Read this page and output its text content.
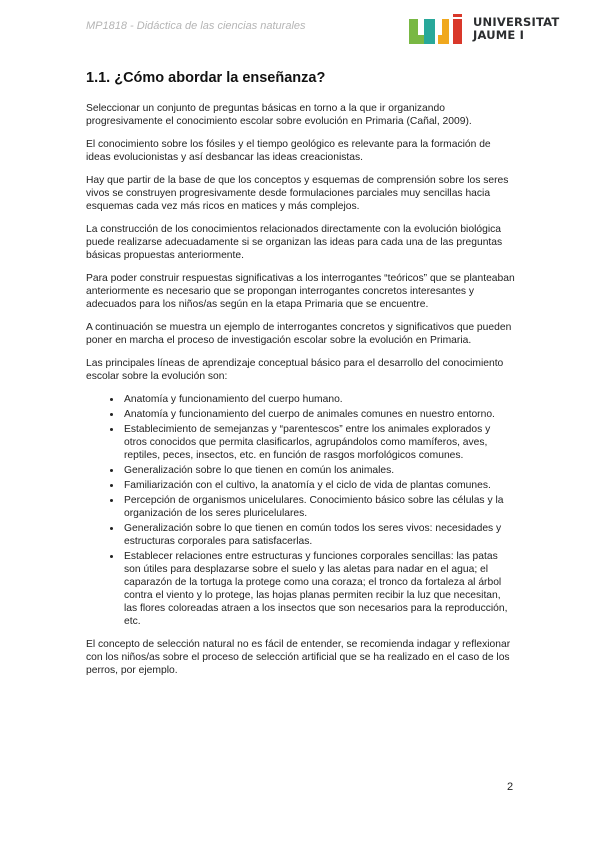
MP1818 - Didáctica de las ciencias naturales	UNIVERSITAT
JAUME I
1.1. ¿Cómo abordar la enseñanza?

Seleccionar un conjunto de preguntas básicas en torno a la que ir organizando progresivamente el conocimiento escolar sobre evolución en Primaria (Cañal, 2009).

El conocimiento sobre los fósiles y el tiempo geológico es relevante para la formación de ideas evolucionistas y así desbancar las ideas creacionistas.

Hay que partir de la base de que los conceptos y esquemas de comprensión sobre los seres vivos se construyen progresivamente desde formulaciones parciales muy sencillas hacia esquemas cada vez más ricos en matices y más complejos.

La construcción de los conocimientos relacionados directamente con la evolución biológica puede realizarse adecuadamente si se organizan las ideas para cada una de las preguntas básicas propuestas anteriormente.

Para poder construir respuestas significativas a los interrogantes “teóricos” que se planteaban anteriormente es necesario que se propongan interrogantes concretos interesantes y adecuados para los niños/as según en la etapa Primaria que se encuentre.

A continuación se muestra un ejemplo de interrogantes concretos y significativos que pueden poner en marcha el proceso de investigación escolar sobre la evolución en Primaria.

Las principales líneas de aprendizaje conceptual básico para el desarrollo del conocimiento escolar sobre la evolución son:

• Anatomía y funcionamiento del cuerpo humano.
• Anatomía y funcionamiento del cuerpo de animales comunes en nuestro entorno.
• Establecimiento de semejanzas y “parentescos” entre los animales explorados y otros conocidos que permita clasificarlos, agrupándolos como mamíferos, aves, reptiles, peces, insectos, etc. en función de rasgos morfológicos comunes.
• Generalización sobre lo que tienen en común los animales.
• Familiarización con el cultivo, la anatomía y el ciclo de vida de plantas comunes.
• Percepción de organismos unicelulares. Conocimiento básico sobre las células y la organización de los seres pluricelulares.
• Generalización sobre lo que tienen en común todos los seres vivos: necesidades y estructuras corporales para satisfacerlas.
• Establecer relaciones entre estructuras y funciones corporales sencillas: las patas son útiles para desplazarse sobre el suelo y las aletas para nadar en el agua; el caparazón de la tortuga la protege como una coraza; el tronco da fortaleza al árbol contra el viento y lo protege, las hojas planas permiten recibir la luz que necesitan, las flores coloreadas atraen a los insectos que son necesarios para la reproducción, etc.

El concepto de selección natural no es fácil de entender, se recomienda indagar y reflexionar con los niños/as sobre el proceso de selección artificial que se ha realizado en el caso de los perros, por ejemplo.

2
